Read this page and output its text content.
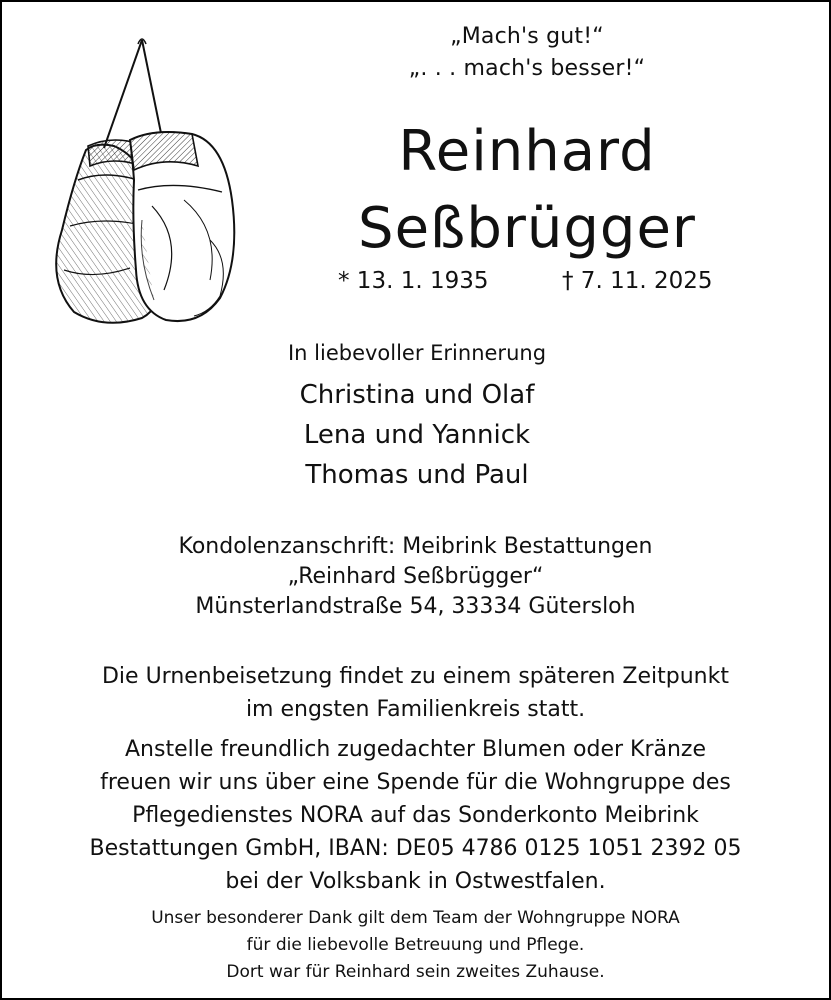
„Mach's gut!“
„. . . mach's besser!“
Reinhard
Seßbrügger
* 13. 1. 1935	† 7. 11. 2025
In liebevoller Erinnerung
Christina und Olaf
Lena und Yannick
Thomas und Paul
Kondolenzanschrift: Meibrink Bestattungen
„Reinhard Seßbrügger“
Münsterlandstraße 54, 33334 Gütersloh
Die Urnenbeisetzung findet zu einem späteren Zeitpunkt
im engsten Familienkreis statt.
Anstelle freundlich zugedachter Blumen oder Kränze
freuen wir uns über eine Spende für die Wohngruppe des
Pflegedienstes NORA auf das Sonderkonto Meibrink
Bestattungen GmbH, IBAN: DE05 4786 0125 1051 2392 05
bei der Volksbank in Ostwestfalen.
Unser besonderer Dank gilt dem Team der Wohngruppe NORA
für die liebevolle Betreuung und Pflege.
Dort war für Reinhard sein zweites Zuhause.
